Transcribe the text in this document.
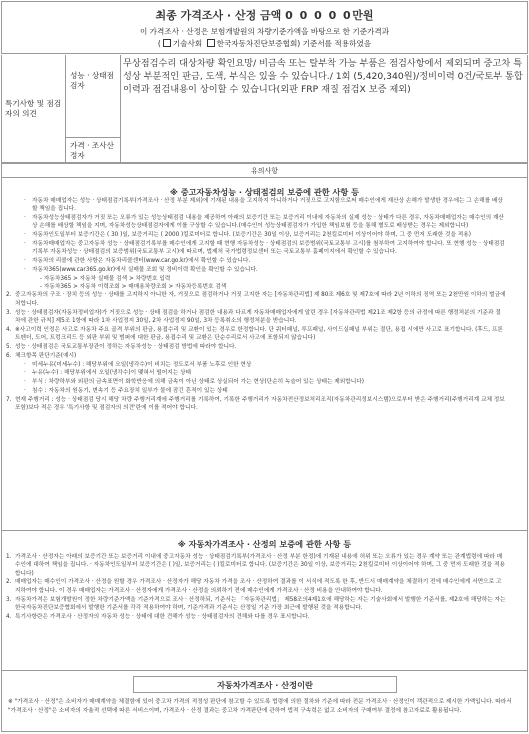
최종 가격조사 · 산정 금액 0 0 0 0 0만원
이 가격조사 · 산정은 보험개발원의 차량기준가액을 바탕으로 한 기준가격과
( 기술사회 한국자동차진단보증협회) 기준서를 적용하였음
특기사항 및 점검자의 의견
성능 · 상태점검자
가격 · 조사산정자
무상점검수리 대상차량 확인요망/ 비금속 또는 탈부착 가능 부품은 점검사항에서 제외되며 중고차 특성상 부분적인 판금, 도색, 부식은 있을 수 있습니다./ 1회 (5,420,340원)/정비이력 0건/국토부 통합이력과 점검내용이 상이할 수 있습니다(외판 FRP 재질 점검X 보증 제외)
유의사항
※ 중고자동차성능 · 상태점검의 보증에 관한 사항 등
· 자동차 매매업자는 성능 · 상태점검기록부(가격조사 · 산정 부분 제외)에 기재된 내용을 고지하지 아니하거나 거짓으로 고지함으로써 매수인에게 재산상 손해가 발생한 경우에는 그 손해를 배상할 책임을 집니다.
· 자동차성능상태점검자가 거짓 또는 오류가 있는 성능상태점검 내용을 제공하여 아래의 보증기간 또는 보증거리 이내에 자동차의 실제 성능 · 상태가 다른 경우, 자동차매매업자는 매수인의 재산상 손해를 배상할 책임을 지며, 자동차성능상태점검자에게 이를 구상할 수 있습니다.(매수인이 성능상태점검자가 가입한 책임보험 등을 통해 별도로 배상받는 경우는 제외합니다)
· 자동차인도일부터 보증기간은 ( 30 )일, 보증거리는 ( 2000 )킬로미터로 합니다. (보증기간은 30일 이상, 보증거리는 2천킬로미터 이상이어야 하며, 그 중 먼저 도래한 것을 적용)
· 자동차매매업자는 중고자동차 성능 · 상태점검기록부를 매수인에게 고지할 때 현행 자동차성능 · 상태점검의 보증범위(국토교통부 고시)를 첨부하여 고지하여야 합니다. 또 현행 성능 · 상태점검기록부 자동차성능 · 상태점검의 보증범위(국토교통부 고시)에 따르며, 법제처 국가법령정보센터 또는 국토교통부 홈페이지에서 확인할 수 있습니다.
· 자동차의 리콜에 관한 사항은 자동차리콜센터(www.car.go.kr)에서 확인할 수 있습니다.
· 자동차365(www.car365.go.kr)에서 실매물 조회 및 정비이력 확인을 확인할 수 있습니다.
- 자동차365 > 자동차 실매물 검색 > 차량번호 입력
- 자동차365 > 자동차 이력조회 > 매매용차량조회 > 자동차등록번호 검색
2. 중고자동차의 구조 · 장치 등의 성능 · 상태를 고지하지 아니한 자, 거짓으로 점검하거나 거짓 고지한 자는 [자동차관리법] 제 80조 제6호 및 제7호에 따라 2년 이하의 징역 또는 2천만원 이하의 벌금에 처합니다.
3. 성능 · 상태점검자(자동차정비업자)가 거짓으로 성능 · 상태 점검을 하거나 점검한 내용과 다르게 자동차매매업자에게 알린 경우 [자동차관리법 제21조 제2항 등의 규정에 따른 행정처분의 기준과 절차에 관한 규칙] 제5조 1항에 따라 1차 사업정지 30일, 2차 사업정지 90일, 3차 등록취소의 행정처분을 받습니다.
4. ※사고이력 인정은 사고로 자동차 주요 골격 부위의 판금, 용접수리 및 교환이 있는 경우로 한정합니다. 단 쿼터패널, 루프패널, 사이드실패널 부위는 절단, 용접 시에만 사고로 표기합니다. (후드, 프론트펜더, 도어, 트렁크리드 등 외판 부위 및 범퍼에 대한 판금, 용접수리 및 교환은 단순수리로서 사고에 포함되지 않습니다)
5. 성능 · 상태점검은 국토교통부장관이 정하는 자동차성능 · 상태점검 방법에 따라야 합니다.
6. 체크항목 판단기준(예시)
· 미세누유(미세누수) : 해당부위에 오일(냉각수)이 비치는 정도로서 부품 노후로 인한 현상
· 누유(누수) : 해당부위에서 오일(냉각수)이 맺혀서 떨어지는 상태
· 부식 : 차량하부와 외판의 금속표면이 화학반응에 의해 금속이 아닌 상태로 상실되어 가는 현상(단순히 녹슬어 있는 상태는 제외합니다)
· 침수 : 자동차의 원동기, 변속기 등 주요장치 일부가 물에 잠긴 흔적이 있는 상태
7. 현재 주행거리 : 성능 · 상태점검 당시 해당 차량 주행거리계에 주행거리를 기록하여, 기록한 주행거리가 자동차전산정보처리조직(자동차관리정보시스템)으로부터 받은 주행거리(주행거리계 교체 정보 포함)보다 적은 경우 '특기사항 및 점검자의 의견'란에 이를 적어야 합니다.
※ 자동차가격조사 · 산정의 보증에 관한 사항 등
1. 가격조사 · 산정자는 아래의 보증기간 또는 보증거리 이내에 중고자동차 성능 · 상태점검기록부(가격조사 · 산정 부분 한정)에 기재된 내용에 허위 또는 오류가 있는 경우 계약 또는 관계법령에 따라 매수인에 대하여 책임을 집니다. · 자동차인도일부터 보증기간은 ( )일, 보증거리는 ( )킬로미터로 합니다. (보증기간은 30일 이상, 보증거리는 2천킬로미터 이상이어야 하며, 그 중 먼저 도래한 것을 적용합니다)
2. 매매업자는 매수인이 가격조사 · 산정을 원할 경우 가격조사 · 산정자가 해당 자동차 가격을 조사 · 산정하여 결과를 이 서식에 적도록 한 후, 반드시 매매계약을 체결하기 전에 매수인에게 서면으로 고지하여야 합니다. 이 경우 매매업자는 가격조사 · 산정자에게 가격조사 · 산정을 의뢰하기 전에 매수인에게 가격조사 · 산정 비용을 안내하여야 합니다.
3. 자동차가격은 보험개발원이 정한 차량기준가액을 기준가격으로 조사 · 산정하되, 기준서는 「자동차관리법」 제58조의4제1호에 해당하는 자는 기술사회에서 발행한 기준서를, 제2호에 해당하는 자는 한국자동차진단보증협회에서 발행한 기준서를 각각 적용하여야 하며, 기준가격과 기준서는 산정일 기준 가장 최근에 발행된 것을 적용합니다.
4. 특기사항란은 가격조사 · 산정자의 자동차 성능 · 상태에 대한 견해가 성능 · 상태점검자의 견해와 다를 경우 표시합니다.
자동차가격조사 · 산정이란
※ "가격조사 · 산정"은 소비자가 매매계약을 체결함에 있어 중고차 가격의 적정성 판단에 참고할 수 있도록 법령에 의한 절차와 기준에 따라 전문 가격조사 · 산정인이 객관적으로 제시한 가액입니다. 따라서 "가격조사 · 산정"은 소비자의 자율적 선택에 따른 서비스이며, 가격조사 · 산정 결과는 중고차 가격판단에 관하여 법적 구속력은 없고 소비자의 구매여부 결정에 참고자료로 활용됩니다.
